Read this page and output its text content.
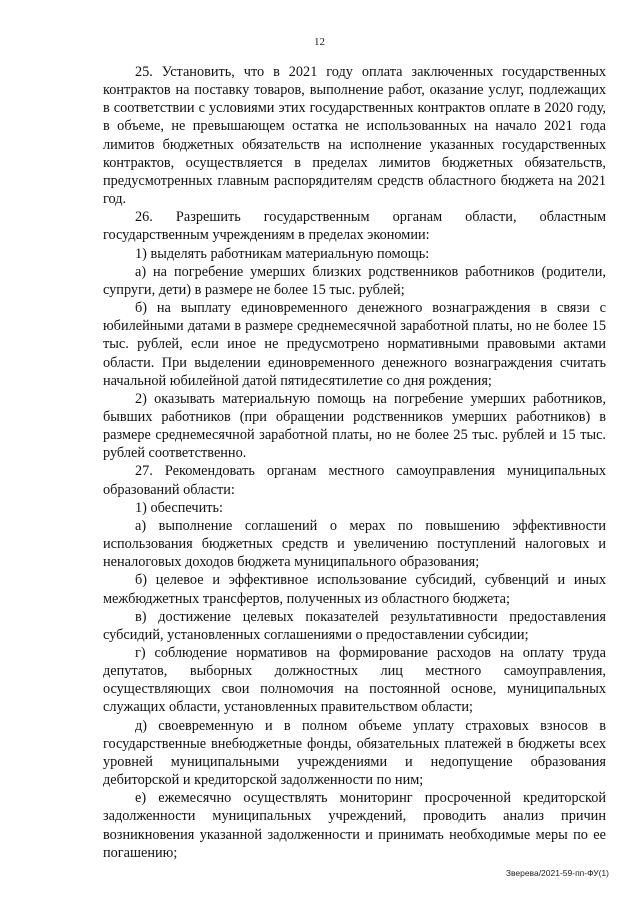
12

25. Установить, что в 2021 году оплата заключенных государственных контрактов на поставку товаров, выполнение работ, оказание услуг, подлежащих в соответствии с условиями этих государственных контрактов оплате в 2020 году, в объеме, не превышающем остатка не использованных на начало 2021 года лимитов бюджетных обязательств на исполнение указанных государственных контрактов, осуществляется в пределах лимитов бюджетных обязательств, предусмотренных главным распорядителям средств областного бюджета на 2021 год.

26. Разрешить государственным органам области, областным государственным учреждениям в пределах экономии:

1) выделять работникам материальную помощь:

а) на погребение умерших близких родственников работников (родители, супруги, дети) в размере не более 15 тыс. рублей;

б) на выплату единовременного денежного вознаграждения в связи с юбилейными датами в размере среднемесячной заработной платы, но не более 15 тыс. рублей, если иное не предусмотрено нормативными правовыми актами области. При выделении единовременного денежного вознаграждения считать начальной юбилейной датой пятидесятилетие со дня рождения;

2) оказывать материальную помощь на погребение умерших работников, бывших работников (при обращении родственников умерших работников) в размере среднемесячной заработной платы, но не более 25 тыс. рублей и 15 тыс. рублей соответственно.

27. Рекомендовать органам местного самоуправления муниципальных образований области:

1) обеспечить:

а) выполнение соглашений о мерах по повышению эффективности использования бюджетных средств и увеличению поступлений налоговых и неналоговых доходов бюджета муниципального образования;

б) целевое и эффективное использование субсидий, субвенций и иных межбюджетных трансфертов, полученных из областного бюджета;

в) достижение целевых показателей результативности предоставления субсидий, установленных соглашениями о предоставлении субсидии;

г) соблюдение нормативов на формирование расходов на оплату труда депутатов, выборных должностных лиц местного самоуправления, осуществляющих свои полномочия на постоянной основе, муниципальных служащих области, установленных правительством области;

д) своевременную и в полном объеме уплату страховых взносов в государственные внебюджетные фонды, обязательных платежей в бюджеты всех уровней муниципальными учреждениями и недопущение образования дебиторской и кредиторской задолженности по ним;

е) ежемесячно осуществлять мониторинг просроченной кредиторской задолженности муниципальных учреждений, проводить анализ причин возникновения указанной задолженности и принимать необходимые меры по ее погашению;

Зверева/2021-59-пп-ФУ(1)
